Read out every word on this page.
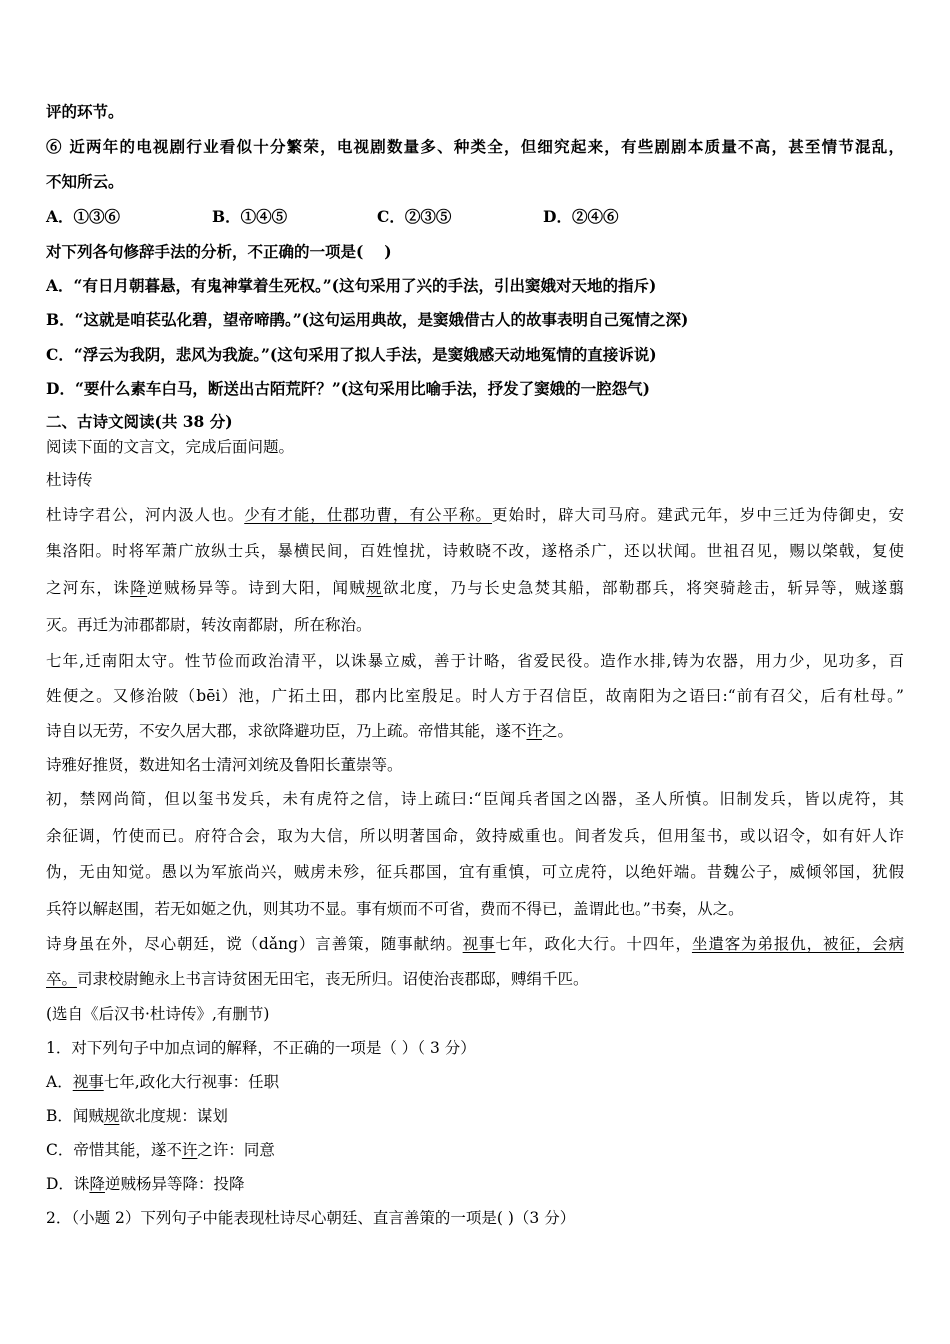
评的环节。
⑥ 近两年的电视剧行业看似十分繁荣，电视剧数量多、种类全，但细究起来，有些剧剧本质量不高，甚至情节混乱，
不知所云。
A．①③⑥	B．①④⑤	C．②③⑤	D．②④⑥
对下列各句修辞手法的分析，不正确的一项是(　 )
A．“有日月朝暮悬，有鬼神掌着生死权。”(这句采用了兴的手法，引出窦娥对天地的指斥)
B．“这就是咱苌弘化碧，望帝啼鹃。”(这句运用典故，是窦娥借古人的故事表明自己冤情之深)
C．“浮云为我阴，悲风为我旋。”(这句采用了拟人手法，是窦娥感天动地冤情的直接诉说)
D．“要什么素车白马，断送出古陌荒阡？”(这句采用比喻手法，抒发了窦娥的一腔怨气)
二、古诗文阅读(共 38 分)
阅读下面的文言文，完成后面问题。
杜诗传
杜诗字君公，河内汲人也。少有才能，仕郡功曹，有公平称。更始时，辟大司马府。建武元年，岁中三迁为侍御史，安
集洛阳。时将军萧广放纵士兵，暴横民间，百姓惶扰，诗敕晓不改，遂格杀广，还以状闻。世祖召见，赐以棨戟，复使
之河东，诛降逆贼杨异等。诗到大阳，闻贼规欲北度，乃与长史急焚其船，部勒郡兵，将突骑趁击，斩异等，贼遂翦
灭。再迁为沛郡都尉，转汝南都尉，所在称治。
七年,迁南阳太守。性节俭而政治清平，以诛暴立威，善于计略，省爱民役。造作水排,铸为农器，用力少，见功多，百
姓便之。又修治陂（bēi）池，广拓土田，郡内比室殷足。时人方于召信臣，故南阳为之语曰:“前有召父，后有杜母。”
诗自以无劳，不安久居大郡，求欲降避功臣，乃上疏。帝惜其能，遂不许之。
诗雅好推贤，数进知名士清河刘统及鲁阳长董崇等。
初，禁网尚简，但以玺书发兵，未有虎符之信，诗上疏曰:“臣闻兵者国之凶器，圣人所慎。旧制发兵，皆以虎符，其
余征调，竹使而已。府符合会，取为大信，所以明著国命，敛持威重也。间者发兵，但用玺书，或以诏令，如有奸人诈
伪，无由知觉。愚以为军旅尚兴，贼虏未殄，征兵郡国，宜有重慎，可立虎符，以绝奸端。昔魏公子，威倾邻国，犹假
兵符以解赵围，若无如姬之仇，则其功不显。事有烦而不可省，费而不得已，盖谓此也。”书奏，从之。
诗身虽在外，尽心朝廷，谠（dǎng）言善策，随事献纳。视事七年，政化大行。十四年，坐遣客为弟报仇，被征，会病
卒。司隶校尉鲍永上书言诗贫困无田宅，丧无所归。诏使治丧郡邸，赙绢千匹。
(选自《后汉书·杜诗传》,有删节)
1．对下列句子中加点词的解释，不正确的一项是（ ）（ 3 分）
A．视事七年,政化大行视事：任职
B．闻贼规欲北度规：谋划
C．帝惜其能，遂不许之许：同意
D．诛降逆贼杨异等降：投降
2．（小题 2）下列句子中能表现杜诗尽心朝廷、直言善策的一项是( )（3 分）
